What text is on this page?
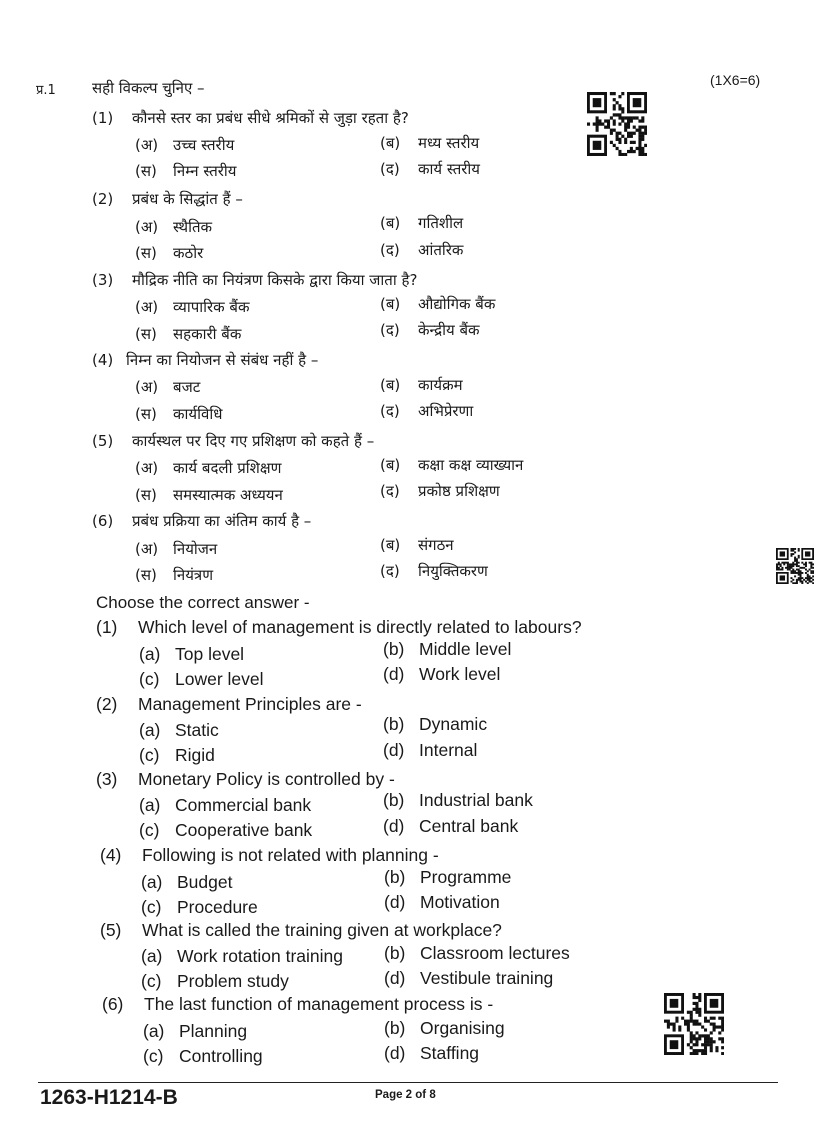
प्र.1 सही विकल्प चुनिए –	(1X6=6)
(1) कौनसे स्तर का प्रबंध सीधे श्रमिकों से जुड़ा रहता है?
(अ) उच्च स्तरीय	(ब) मध्य स्तरीय
(स) निम्न स्तरीय	(द) कार्य स्तरीय
(2) प्रबंध के सिद्धांत हैं –
(अ) स्थैतिक	(ब) गतिशील
(स) कठोर	(द) आंतरिक
(3) मौद्रिक नीति का नियंत्रण किसके द्वारा किया जाता है?
(अ) व्यापारिक बैंक	(ब) औद्योगिक बैंक
(स) सहकारी बैंक	(द) केन्द्रीय बैंक
(4) निम्न का नियोजन से संबंध नहीं है –
(अ) बजट	(ब) कार्यक्रम
(स) कार्यविधि	(द) अभिप्रेरणा
(5) कार्यस्थल पर दिए गए प्रशिक्षण को कहते हैं –
(अ) कार्य बदली प्रशिक्षण	(ब) कक्षा कक्ष व्याख्यान
(स) समस्यात्मक अध्ययन	(द) प्रकोष्ठ प्रशिक्षण
(6) प्रबंध प्रक्रिया का अंतिम कार्य है –
(अ) नियोजन	(ब) संगठन
(स) नियंत्रण	(द) नियुक्तिकरण
Choose the correct answer -
(1) Which level of management is directly related to labours?
(a) Top level	(b) Middle level
(c) Lower level	(d) Work level
(2) Management Principles are -
(a) Static	(b) Dynamic
(c) Rigid	(d) Internal
(3) Monetary Policy is controlled by -
(a) Commercial bank	(b) Industrial bank
(c) Cooperative bank	(d) Central bank
(4) Following is not related with planning -
(a) Budget	(b) Programme
(c) Procedure	(d) Motivation
(5) What is called the training given at workplace?
(a) Work rotation training (b) Classroom lectures
(c) Problem study	(d) Vestibule training
(6) The last function of management process is -
(a) Planning	(b) Organising
(c) Controlling	(d) Staffing
1263-H1214-B	Page 2 of 8
